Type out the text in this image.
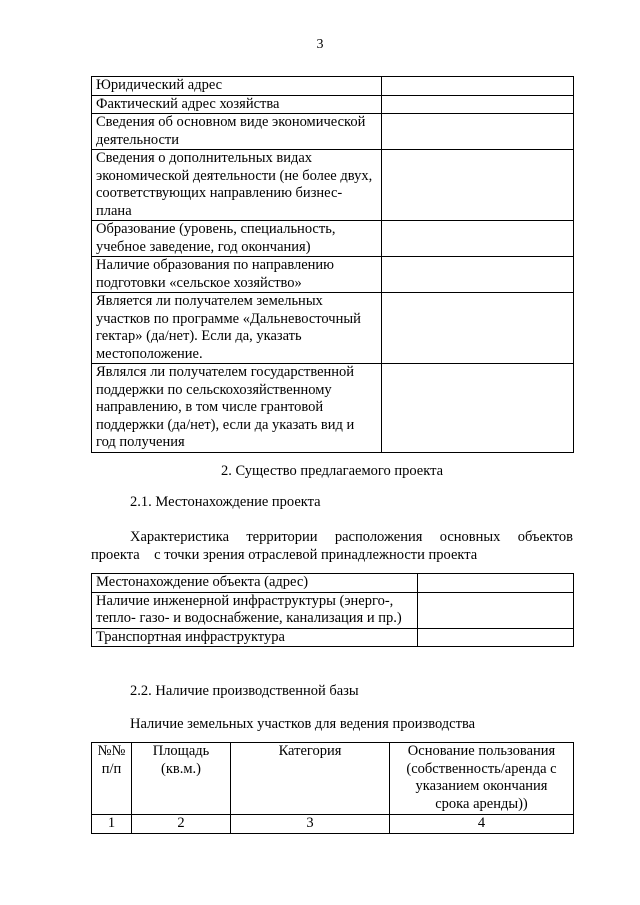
3
Юридический адрес	
Фактический адрес хозяйства	
Сведения об основном виде экономической деятельности	
Сведения о дополнительных видах экономической деятельности (не более двух, соответствующих направлению бизнес-плана	
Образование (уровень, специальность, учебное заведение, год окончания)	
Наличие образования по направлению подготовки «сельское хозяйство»	
Является ли получателем земельных участков по программе «Дальневосточный гектар» (да/нет). Если да, указать местоположение.	
Являлся ли получателем государственной поддержки по сельскохозяйственному направлению, в том числе грантовой поддержки (да/нет), если да указать вид и год получения	
2. Существо предлагаемого проекта
2.1. Местонахождение проекта
Характеристика территории расположения основных объектов
проекта    с точки зрения отраслевой принадлежности проекта
Местонахождение объекта (адрес)	
Наличие инженерной инфраструктуры (энерго-, тепло- газо- и водоснабжение, канализация и пр.)	
Транспортная инфраструктура	
2.2. Наличие производственной базы
Наличие земельных участков для ведения производства
№№ п/п	Площадь (кв.м.)	Категория	Основание пользования (собственность/аренда с указанием окончания срока аренды))
1	2	3	4
